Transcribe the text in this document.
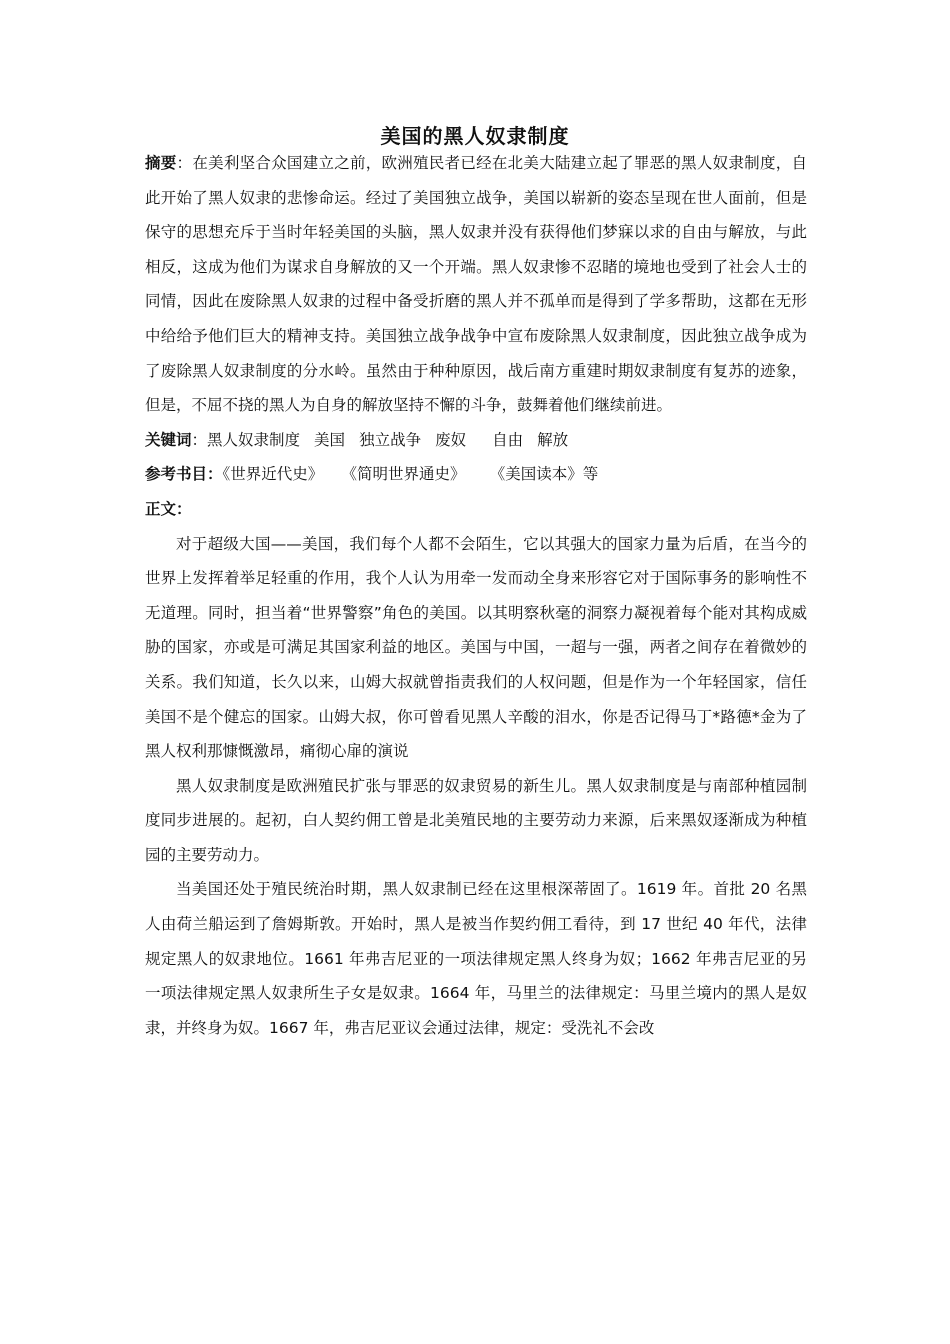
美国的黑人奴隶制度

摘要：在美利坚合众国建立之前，欧洲殖民者已经在北美大陆建立起了罪恶的黑人奴隶制度，自此开始了黑人奴隶的悲惨命运。经过了美国独立战争，美国以崭新的姿态呈现在世人面前，但是保守的思想充斥于当时年轻美国的头脑，黑人奴隶并没有获得他们梦寐以求的自由与解放，与此相反，这成为他们为谋求自身解放的又一个开端。黑人奴隶惨不忍睹的境地也受到了社会人士的同情，因此在废除黑人奴隶的过程中备受折磨的黑人并不孤单而是得到了学多帮助，这都在无形中给给予他们巨大的精神支持。美国独立战争战争中宣布废除黑人奴隶制度，因此独立战争成为了废除黑人奴隶制度的分水岭。虽然由于种种原因，战后南方重建时期奴隶制度有复苏的迹象，但是，不屈不挠的黑人为自身的解放坚持不懈的斗争，鼓舞着他们继续前进。

关键词：黑人奴隶制度 美国 独立战争 废奴 自由 解放

参考书目：《世界近代史》 《简明世界通史》 《美国读本》等

正文：

对于超级大国——美国，我们每个人都不会陌生，它以其强大的国家力量为后盾，在当今的世界上发挥着举足轻重的作用，我个人认为用牵一发而动全身来形容它对于国际事务的影响性不无道理。同时，担当着“世界警察”角色的美国。以其明察秋毫的洞察力凝视着每个能对其构成威胁的国家，亦或是可满足其国家利益的地区。美国与中国，一超与一强，两者之间存在着微妙的关系。我们知道，长久以来，山姆大叔就曾指责我们的人权问题，但是作为一个年轻国家，信任美国不是个健忘的国家。山姆大叔，你可曾看见黑人辛酸的泪水，你是否记得马丁*路德*金为了黑人权利那慷慨激昂，痛彻心扉的演说

黑人奴隶制度是欧洲殖民扩张与罪恶的奴隶贸易的新生儿。黑人奴隶制度是与南部种植园制度同步进展的。起初，白人契约佣工曾是北美殖民地的主要劳动力来源，后来黑奴逐渐成为种植园的主要劳动力。

当美国还处于殖民统治时期，黑人奴隶制已经在这里根深蒂固了。1619 年。首批 20 名黑人由荷兰船运到了詹姆斯敦。开始时，黑人是被当作契约佣工看待，到 17 世纪 40 年代，法律规定黑人的奴隶地位。1661 年弗吉尼亚的一项法律规定黑人终身为奴；1662 年弗吉尼亚的另一项法律规定黑人奴隶所生子女是奴隶。1664 年，马里兰的法律规定：马里兰境内的黑人是奴隶，并终身为奴。1667 年，弗吉尼亚议会通过法律，规定：受洗礼不会改
